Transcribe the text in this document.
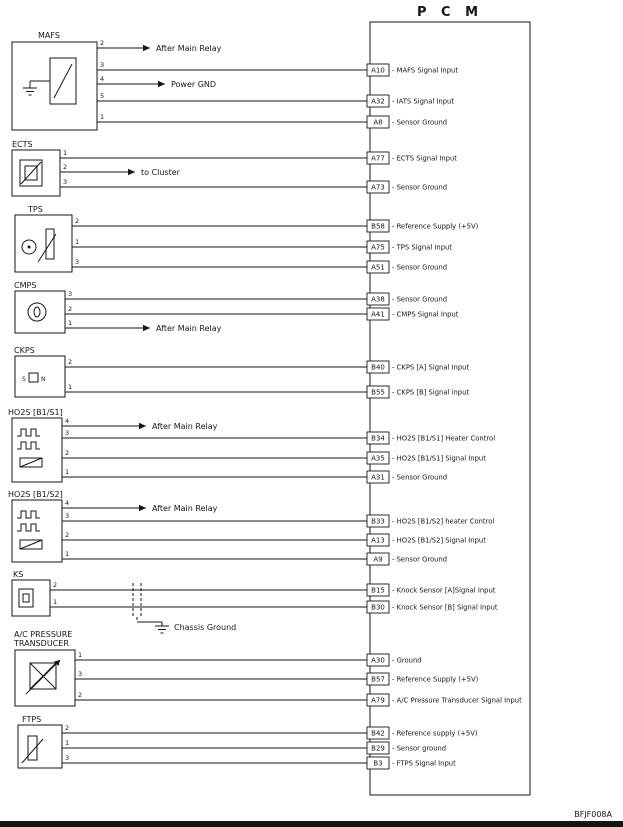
P C M
After Main Relay
Power GND
to Cluster
After Main Relay
After Main Relay
After Main Relay
MAFS
2
3
4
5
1
ECTS
1
2
3
TPS
2
1
3
CMPS
3
2
1
CKPS
S	N
2
1
HO2S [B1/S1]
4
3
2
1
HO2S [B1/S2]
4
3
2
1
KS
2
1
Chassis Ground
A/C PRESSURE
TRANSDUCER
1
3
2
FTPS
2
1
3
A10 - MAFS Signal Input
A32 - IATS Signal Input
A8 - Sensor Ground
A77 - ECTS Signal Input
A73 - Sensor Ground
B58 - Reference Supply (+5V)
A75 - TPS Signal Input
A51 - Sensor Ground
A38 - Sensor Ground
A41 - CMPS Signal Input
B40 - CKPS [A] Signal Input
B55 - CKPS [B] Signal input
B34 - HO2S [B1/S1] Heater Control
A35 - HO2S [B1/S1] Signal Input
A31 - Sensor Ground
B33 - HO2S [B1/S2] heater Control
A13 - HO2S [B1/S2] Signal Input
A9 - Sensor Ground
B15 - Knock Sensor [A]Signal Input
B30 - Knock Sensor [B] Signal Input
A30 - Ground
B57 - Reference Supply (+5V)
A79 - A/C Pressure Transducer Signal Input
B42 - Reference supply (+5V)
B29 - Sensor ground
B3 - FTPS Signal Input
BFJF008A
